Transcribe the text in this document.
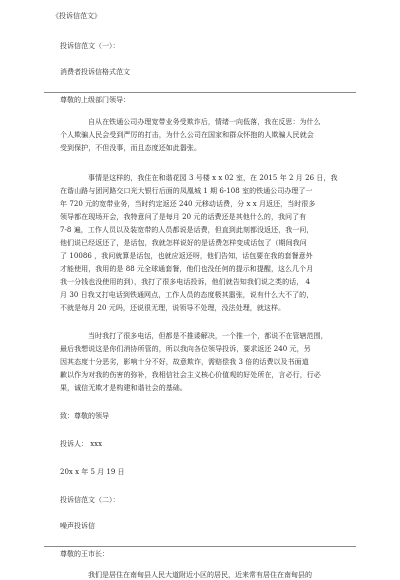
《投诉信范文》
投诉信范文（一）：
消费者投诉信格式范文
尊敬的上级部门领导：
自从在铁通公司办理宽带业务受欺诈后，情绪一向低落，我在反思：为什么
个人欺骗人民会受到严厉的打击，为什么公司在国家和群众怀抱的人欺骗人民就会
受到保护，不但没事，而且态度还如此嚣张。
事情是这样的，我住在和谐花园 3 号楼 x x 02 室，在 2015 年 2 月 26 日，我
在谐山路与团河路交口光大银行后面的凤凰城 1 期 6-108 室的铁通公司办理了一
年 720 元的宽带业务，当时约定返还 240 元移动话费，分 x x 月返还，当时很多
领导都在现场开会，我特意问了是每月 20 元的话费还是其他什么的，我问了有
7-8 遍，工作人员以及装宽带的人员都说是话费，但直到此刻都没返还，我一问，
他们说已经返还了，是话包，我就怎样说好的是话费怎样变成话包了（期间我问
了 10086 ，我问就算是话包，也就应返还呀，他们告知，话包要在我的套餐意外
才能使用，我用的是 88 元全球通套餐，他们也没任何的提示和提醒，这么几个月
我一分钱也没使用的到），我打了很多电话投诉，他们就告知我们说之类的话， 4
月 30 日我又打电话到铁通网点，工作人员的态度极其嚣张，说有什么大不了的，
不就是每月 20 元吗，还说很无理，说领导不处理，没法处理，就这样。
当时我打了很多电话，但都是不推诿解决，一个推一个，都说不在管辖范围，
最后我想说这是你们消协所管的，所以我向各位领导投诉，要求返还 240 元，另
因其态度十分恶劣，影响十分不好，故意欺诈，需赔偿我 3 倍的话费以及书面道
歉以作为对我的伤害的弥补，我相信社会主义核心价值观的好处所在，言必行，行必
果，诚信无欺才是构建和谐社会的基础。
致：尊敬的领导
投诉人： xxx
20x x 年 5 月 19 日
投诉信范文（二）：
噪声投诉信
尊敬的王市长：
我们是居住在南甸县人民大道附近小区的居民，近来常有居住在南甸县的
